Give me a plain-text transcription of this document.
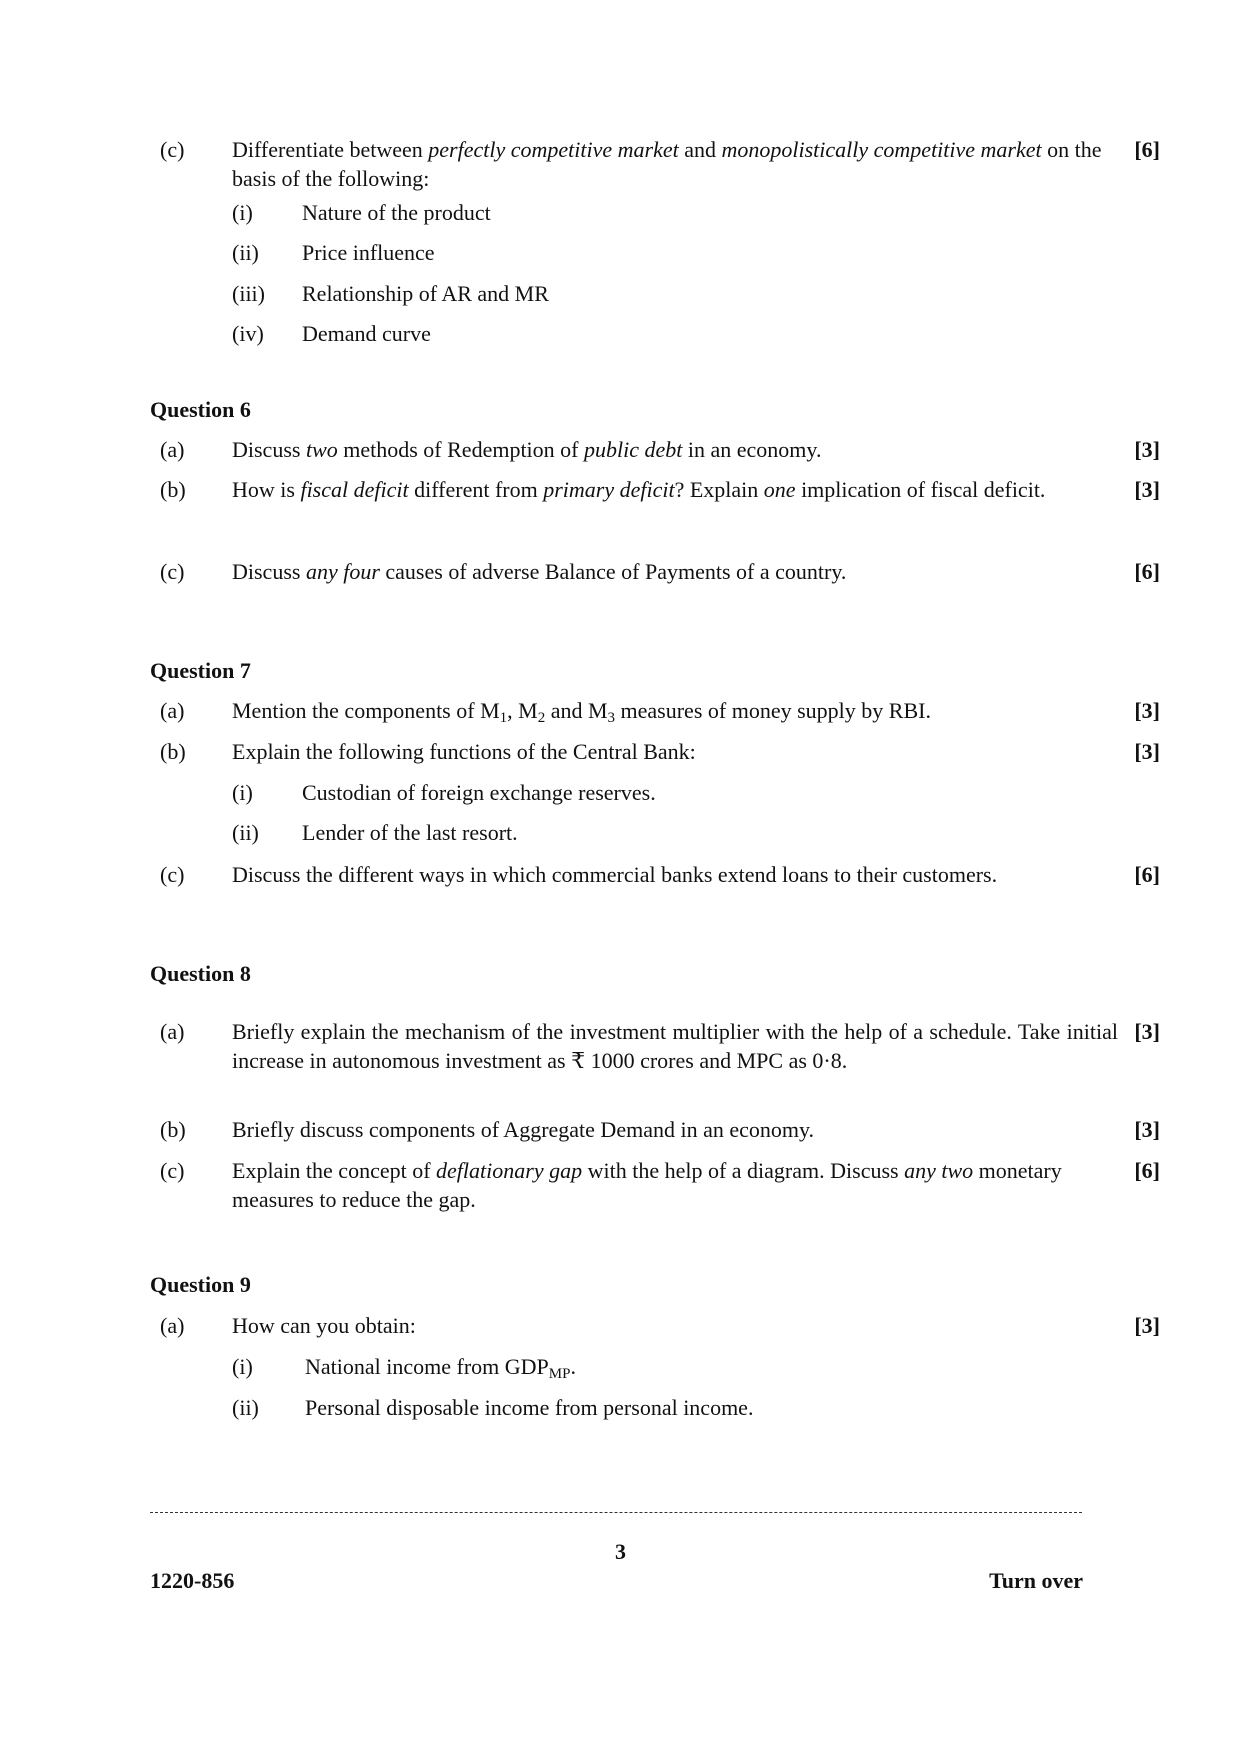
(c) Differentiate between perfectly competitive market and monopolistically competitive market on the basis of the following:
[6]
(i) Nature of the product
(ii) Price influence
(iii) Relationship of AR and MR
(iv) Demand curve
Question 6
(a) Discuss two methods of Redemption of public debt in an economy.	[3]
(b) How is fiscal deficit different from primary deficit? Explain one implication of fiscal deficit.	[3]
(c) Discuss any four causes of adverse Balance of Payments of a country.	[6]
Question 7
(a) Mention the components of $M_1$, $M_2$ and $M_3$ measures of money supply by RBI.	[3]
(b) Explain the following functions of the Central Bank:	[3]
(i) Custodian of foreign exchange reserves.
(ii) Lender of the last resort.
(c) Discuss the different ways in which commercial banks extend loans to their customers.	[6]
Question 8
(a) Briefly explain the mechanism of the investment multiplier with the help of a schedule. Take initial increase in autonomous investment as ₹ 1000 crores and MPC as 0·8.
[3]
(b) Briefly discuss components of Aggregate Demand in an economy.	[3]
(c) Explain the concept of deflationary gap with the help of a diagram. Discuss any two monetary measures to reduce the gap.
[6]
Question 9
(a) How can you obtain:	[3]
(i) National income from $GDP_{MP}$.
(ii) Personal disposable income from personal income.
3
1220-856	Turn over
